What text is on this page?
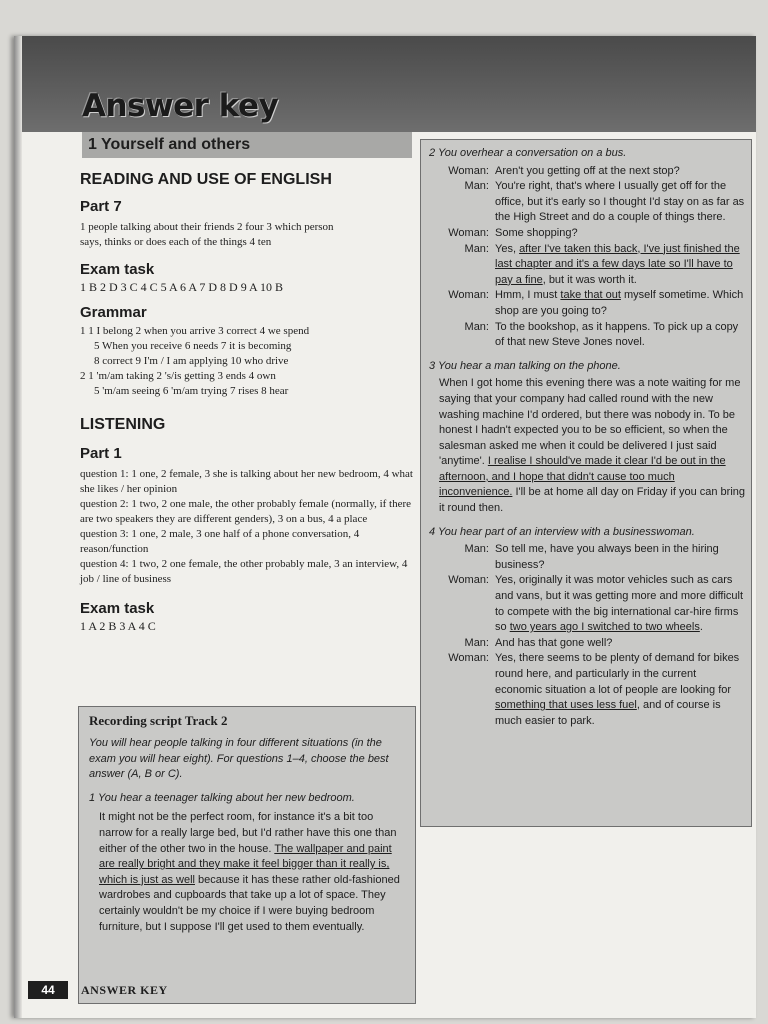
Answer key
1 Yourself and others
READING AND USE OF ENGLISH
Part 7
1 people talking about their friends 2 four 3 which person
says, thinks or does each of the things 4 ten
Exam task
1 B 2 D 3 C 4 C 5 A 6 A 7 D 8 D 9 A 10 B
Grammar
1 1 I belong 2 when you arrive 3 correct 4 we spend
5 When you receive 6 needs 7 it is becoming
8 correct 9 I'm / I am applying 10 who drive
2 1 'm/am taking 2 's/is getting 3 ends 4 own
5 'm/am seeing 6 'm/am trying 7 rises 8 hear
LISTENING
Part 1
question 1: 1 one, 2 female, 3 she is talking about her new bedroom, 4 what she likes / her opinion
question 2: 1 two, 2 one male, the other probably female (normally, if there are two speakers they are different genders), 3 on a bus, 4 a place
question 3: 1 one, 2 male, 3 one half of a phone conversation, 4 reason/function
question 4: 1 two, 2 one female, the other probably male, 3 an interview, 4 job / line of business
Exam task
1 A 2 B 3 A 4 C
Recording script Track 2
You will hear people talking in four different situations (in the exam you will hear eight). For questions 1–4, choose the best answer (A, B or C).
1 You hear a teenager talking about her new bedroom.
It might not be the perfect room, for instance it's a bit too narrow for a really large bed, but I'd rather have this one than either of the other two in the house. The wallpaper and paint are really bright and they make it feel bigger than it really is, which is just as well because it has these rather old-fashioned wardrobes and cupboards that take up a lot of space. They certainly wouldn't be my choice if I were buying bedroom furniture, but I suppose I'll get used to them eventually.
2 You overhear a conversation on a bus.
Woman: Aren't you getting off at the next stop?
Man: You're right, that's where I usually get off for the office, but it's early so I thought I'd stay on as far as the High Street and do a couple of things there.
Woman: Some shopping?
Man: Yes, after I've taken this back, I've just finished the last chapter and it's a few days late so I'll have to pay a fine, but it was worth it.
Woman: Hmm, I must take that out myself sometime. Which shop are you going to?
Man: To the bookshop, as it happens. To pick up a copy of that new Steve Jones novel.
3 You hear a man talking on the phone.
When I got home this evening there was a note waiting for me saying that your company had called round with the new washing machine I'd ordered, but there was nobody in. To be honest I hadn't expected you to be so efficient, so when the salesman asked me when it could be delivered I just said 'anytime'. I realise I should've made it clear I'd be out in the afternoon, and I hope that didn't cause too much inconvenience. I'll be at home all day on Friday if you can bring it round then.
4 You hear part of an interview with a businesswoman.
Man: So tell me, have you always been in the hiring business?
Woman: Yes, originally it was motor vehicles such as cars and vans, but it was getting more and more difficult to compete with the big international car-hire firms so two years ago I switched to two wheels.
Man: And has that gone well?
Woman: Yes, there seems to be plenty of demand for bikes round here, and particularly in the current economic situation a lot of people are looking for something that uses less fuel, and of course is much easier to park.
44	ANSWER KEY
